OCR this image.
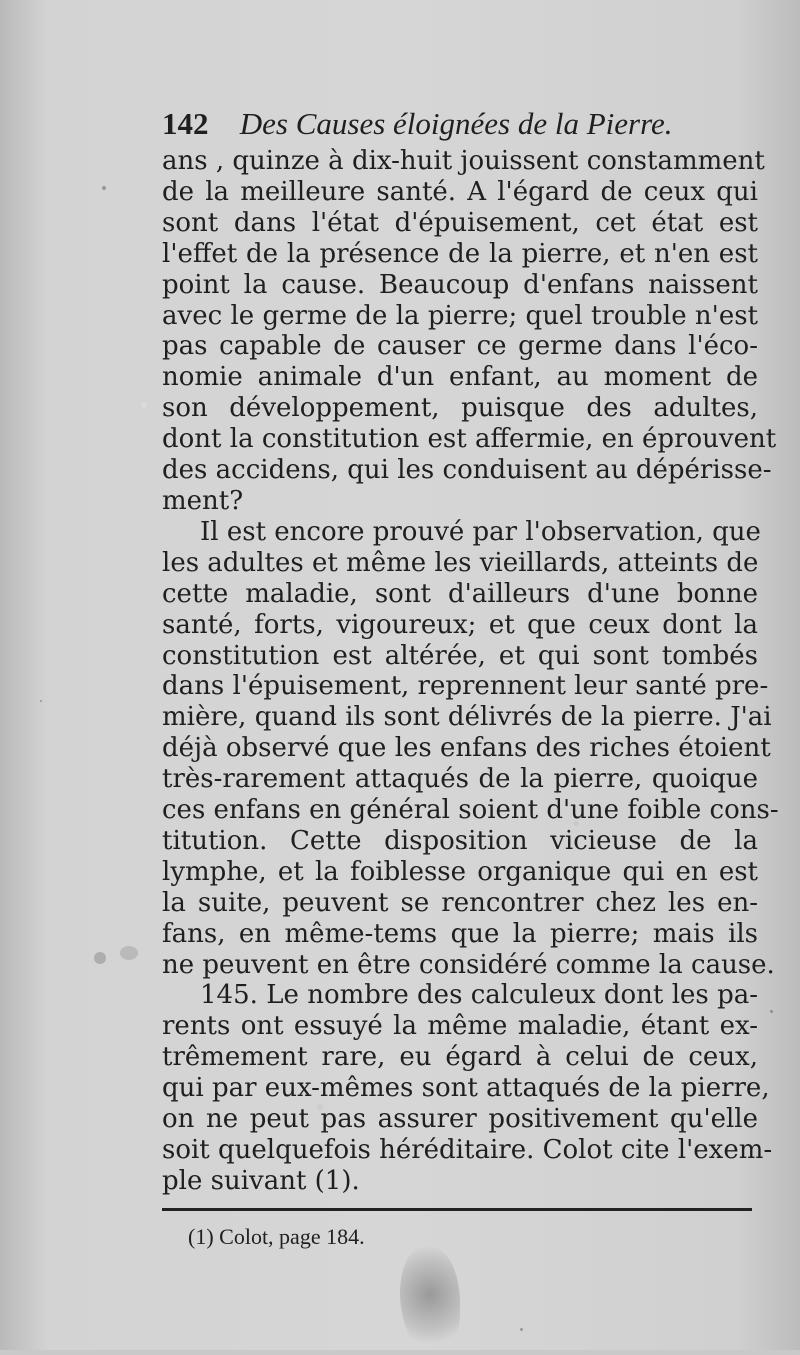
142 Des Causes éloignées de la Pierre.
ans , quinze à dix-huit jouissent constamment
de la meilleure santé. A l'égard de ceux qui
sont dans l'état d'épuisement, cet état est
l'effet de la présence de la pierre, et n'en est
point la cause. Beaucoup d'enfans naissent
avec le germe de la pierre; quel trouble n'est
pas capable de causer ce germe dans l'éco-
nomie animale d'un enfant, au moment de
son développement, puisque des adultes,
dont la constitution est affermie, en éprouvent
des accidens, qui les conduisent au dépérisse-
ment?
Il est encore prouvé par l'observation, que
les adultes et même les vieillards, atteints de
cette maladie, sont d'ailleurs d'une bonne
santé, forts, vigoureux; et que ceux dont la
constitution est altérée, et qui sont tombés
dans l'épuisement, reprennent leur santé pre-
mière, quand ils sont délivrés de la pierre. J'ai
déjà observé que les enfans des riches étoient
très-rarement attaqués de la pierre, quoique
ces enfans en général soient d'une foible cons-
titution. Cette disposition vicieuse de la
lymphe, et la foiblesse organique qui en est
la suite, peuvent se rencontrer chez les en-
fans, en même-tems que la pierre; mais ils
ne peuvent en être considéré comme la cause.
145. Le nombre des calculeux dont les pa-
rents ont essuyé la même maladie, étant ex-
trêmement rare, eu égard à celui de ceux,
qui par eux-mêmes sont attaqués de la pierre,
on ne peut pas assurer positivement qu'elle
soit quelquefois héréditaire. Colot cite l'exem-
ple suivant (1).
(1) Colot, page 184.
